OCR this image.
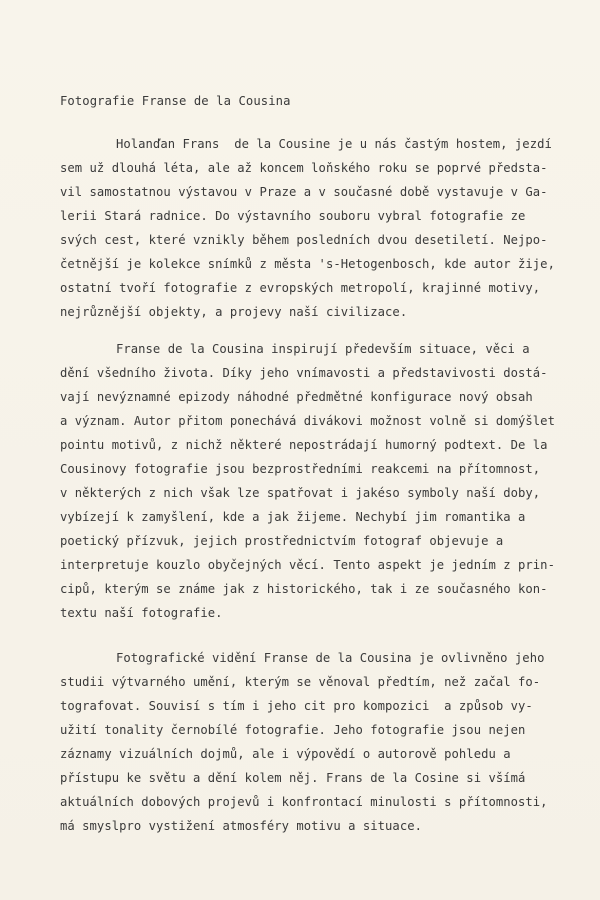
Fotografie Franse de la Cousina
Holanďan Frans  de la Cousine je u nás častým hostem, jezdí
sem už dlouhá léta, ale až koncem loňského roku se poprvé předsta-
vil samostatnou výstavou v Praze a v současné době vystavuje v Ga-
lerii Stará radnice. Do výstavního souboru vybral fotografie ze
svých cest, které vznikly během posledních dvou desetiletí. Nejpo-
četnější je kolekce snímků z města 's-Hetogenbosch, kde autor žije,
ostatní tvoří fotografie z evropských metropolí, krajinné motivy,
nejrůznější objekty, a projevy naší civilizace.
Franse de la Cousina inspirují především situace, věci a
dění všedního života. Díky jeho vnímavosti a představivosti dostá-
vají nevýznamné epizody náhodné předmětné konfigurace nový obsah
a význam. Autor přitom ponechává divákovi možnost volně si domýšlet
pointu motivů, z nichž některé nepostrádají humorný podtext. De la
Cousinovy fotografie jsou bezprostředními reakcemi na přítomnost,
v některých z nich však lze spatřovat i jakéso symboly naší doby,
vybízejí k zamyšlení, kde a jak žijeme. Nechybí jim romantika a
poetický přízvuk, jejich prostřednictvím fotograf objevuje a
interpretuje kouzlo obyčejných věcí. Tento aspekt je jedním z prin-
cipů, kterým se známe jak z historického, tak i ze současného kon-
textu naší fotografie.
Fotografické vidění Franse de la Cousina je ovlivněno jeho
studii výtvarného umění, kterým se věnoval předtím, než začal fo-
tografovat. Souvisí s tím i jeho cit pro kompozici  a způsob vy-
užití tonality černobílé fotografie. Jeho fotografie jsou nejen
záznamy vizuálních dojmů, ale i výpovědí o autorově pohledu a
přístupu ke světu a dění kolem něj. Frans de la Cosine si všímá
aktuálních dobových projevů i konfrontací minulosti s přítomnosti,
má smyslpro vystižení atmosféry motivu a situace.
